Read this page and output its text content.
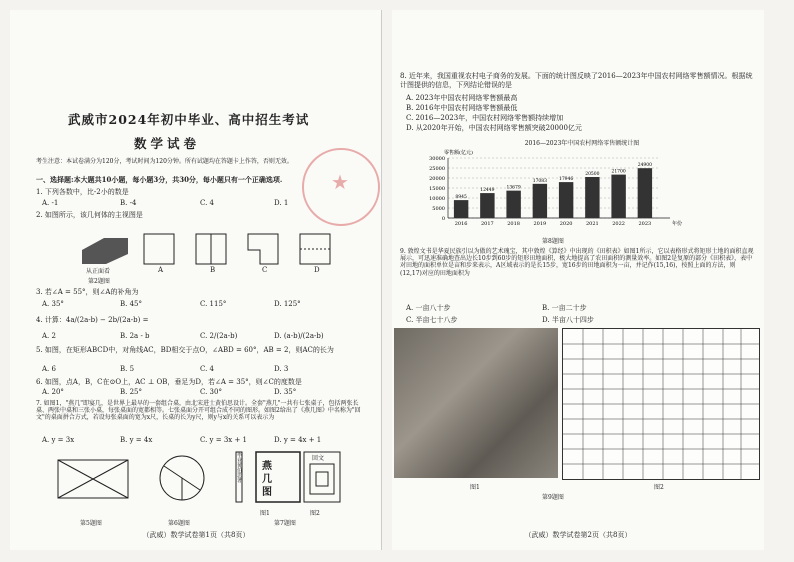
武威市2024年初中毕业、高中招生考试
数学试卷
考生注意：本试卷满分为120分，考试时间为120分钟。所有试题均在答题卡上作答，否则无效。
一、选择题:本大题共10小题，每小题3分，共30分，每小题只有一个正确选项.
1. 下列各数中，比-2小的数是
A. -1	B. -4	C. 4	D. 1
2. 如图所示，该几何体的主视图是
从正面看	A	B	C	D
第2题图
3. 若∠A = 55°，则∠A的补角为
A. 35°	B. 45°	C. 115°	D. 125°
4. 计算：4a/(2a-b) − 2b/(2a-b) =
A. 2	B. 2a - b	C. 2/(2a-b)	D. (a-b)/(2a-b)
5. 如图，在矩形ABCD中，对角线AC，BD相交于点O，∠ABD = 60°，AB = 2，则AC的长为
A. 6	B. 5	C. 4	D. 3
6. 如图，点A，B，C在⊙O上，AC ⊥ OB，垂足为D，若∠A = 35°，则∠C的度数是
A. 20°	B. 25°	C. 30°	D. 35°
7. 如图1，"燕几"即宴几，是世界上最早的一套组合桌，由北宋进士黄伯思设计。全套"燕几"一共有七张桌子，包括两张长桌、两张中桌和三张小桌，每张桌面的宽都相等。七张桌面分开可组合成不同的图形。如图2给出了《燕几图》中名称为"回文"的桌面拼合方式，若设每张桌面的宽为x尺，长桌的长为y尺，则y与x的关系可以表示为
A. y = 3x	B. y = 4x	C. y = 3x + 1	D. y = 4x + 1
毕业黄伯思著
燕几图
回文
图1	图2
第5题图	第6题图	第7题图
（武威）数学试卷第1页（共8页）
★
8. 近年来，我国重视农村电子商务的发展。下面的统计图反映了2016—2023年中国农村网络零售额情况。根据统计图提供的信息，下列结论错误的是
A. 2023年中国农村网络零售额最高
B. 2016年中国农村网络零售额最低
C. 2016—2023年，中国农村网络零售额持续增加
D. 从2020年开始，中国农村网络零售额突破20000亿元
2016—2023年中国农村网络零售额统计图
零售额(亿元)
30000
25000
20000
15000
10000
5000
0
8945
2016
12449
2017
13679
2018
17083
2019
17946
2020
20500
2021
21700
2022
24900
2023	年份
第8题图
9. 敦煌文书是华夏民族引以为傲的艺术瑰宝，其中敦煌《算经》中出现的《田积表》如图1所示，它以表格形式将矩形土地的面积直观展示，可迅速准确地查出边长10步到60步的矩形田地面积，极大地提高了农田面积的测量效率。如图2是复原的部分《田积表》，表中对田地的面积单位是亩和步来表示，A区域表示的是长15步，宽16步的田地面积为一亩，并记作(15,16)，按照上面的方法，则(12,17)对应的田地面积为
A. 一亩八十步	B. 一亩二十步
C. 半亩七十八步	D. 半亩八十四步
图1	图2
第9题图
（武威）数学试卷第2页（共8页）
